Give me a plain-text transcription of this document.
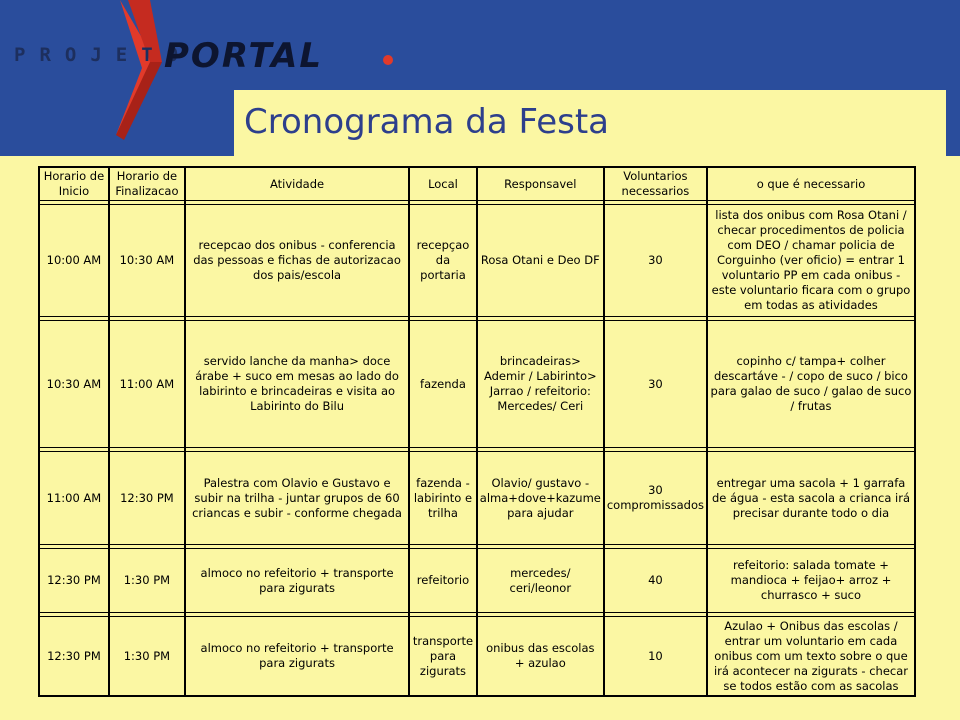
PROJETO
PORTAL
Cronograma da Festa
Horario de Inicio	Horario de Finalizacao	Atividade	Local	Responsavel	Voluntarios necessarios	o que é necessario

10:00 AM	10:30 AM	recepcao dos onibus - conferencia das pessoas e fichas de autorizacao dos pais/escola	recepçao da portaria	Rosa Otani e Deo DF	30	lista dos onibus com Rosa Otani / checar procedimentos de policia com DEO / chamar policia de Corguinho (ver oficio) = entrar 1 voluntario PP em cada onibus - este voluntario ficara com o grupo em todas as atividades

10:30 AM	11:00 AM	servido lanche da manha> doce árabe + suco em mesas ao lado do labirinto e brincadeiras e visita ao Labirinto do Bilu	fazenda	brincadeiras> Ademir / Labirinto> Jarrao / refeitorio: Mercedes/ Ceri	30	copinho c/ tampa+ colher descartáve - / copo de suco / bico para galao de suco / galao de suco / frutas

11:00 AM	12:30 PM	Palestra com Olavio e Gustavo e subir na trilha - juntar grupos de 60 criancas e subir - conforme chegada	fazenda - labirinto e trilha	Olavio/ gustavo - alma+dove+kazume para ajudar	30 compromissados	entregar uma sacola + 1 garrafa de água - esta sacola a crianca irá precisar durante todo o dia

12:30 PM	1:30 PM	almoco no refeitorio + transporte para zigurats	refeitorio	mercedes/ ceri/leonor	40	refeitorio: salada tomate + mandioca + feijao+ arroz + churrasco + suco

12:30 PM	1:30 PM	almoco no refeitorio + transporte para zigurats	transporte para zigurats	onibus das escolas + azulao	10	Azulao + Onibus das escolas / entrar um voluntario em cada onibus com um texto sobre o que irá acontecer na zigurats - checar se todos estão com as sacolas
